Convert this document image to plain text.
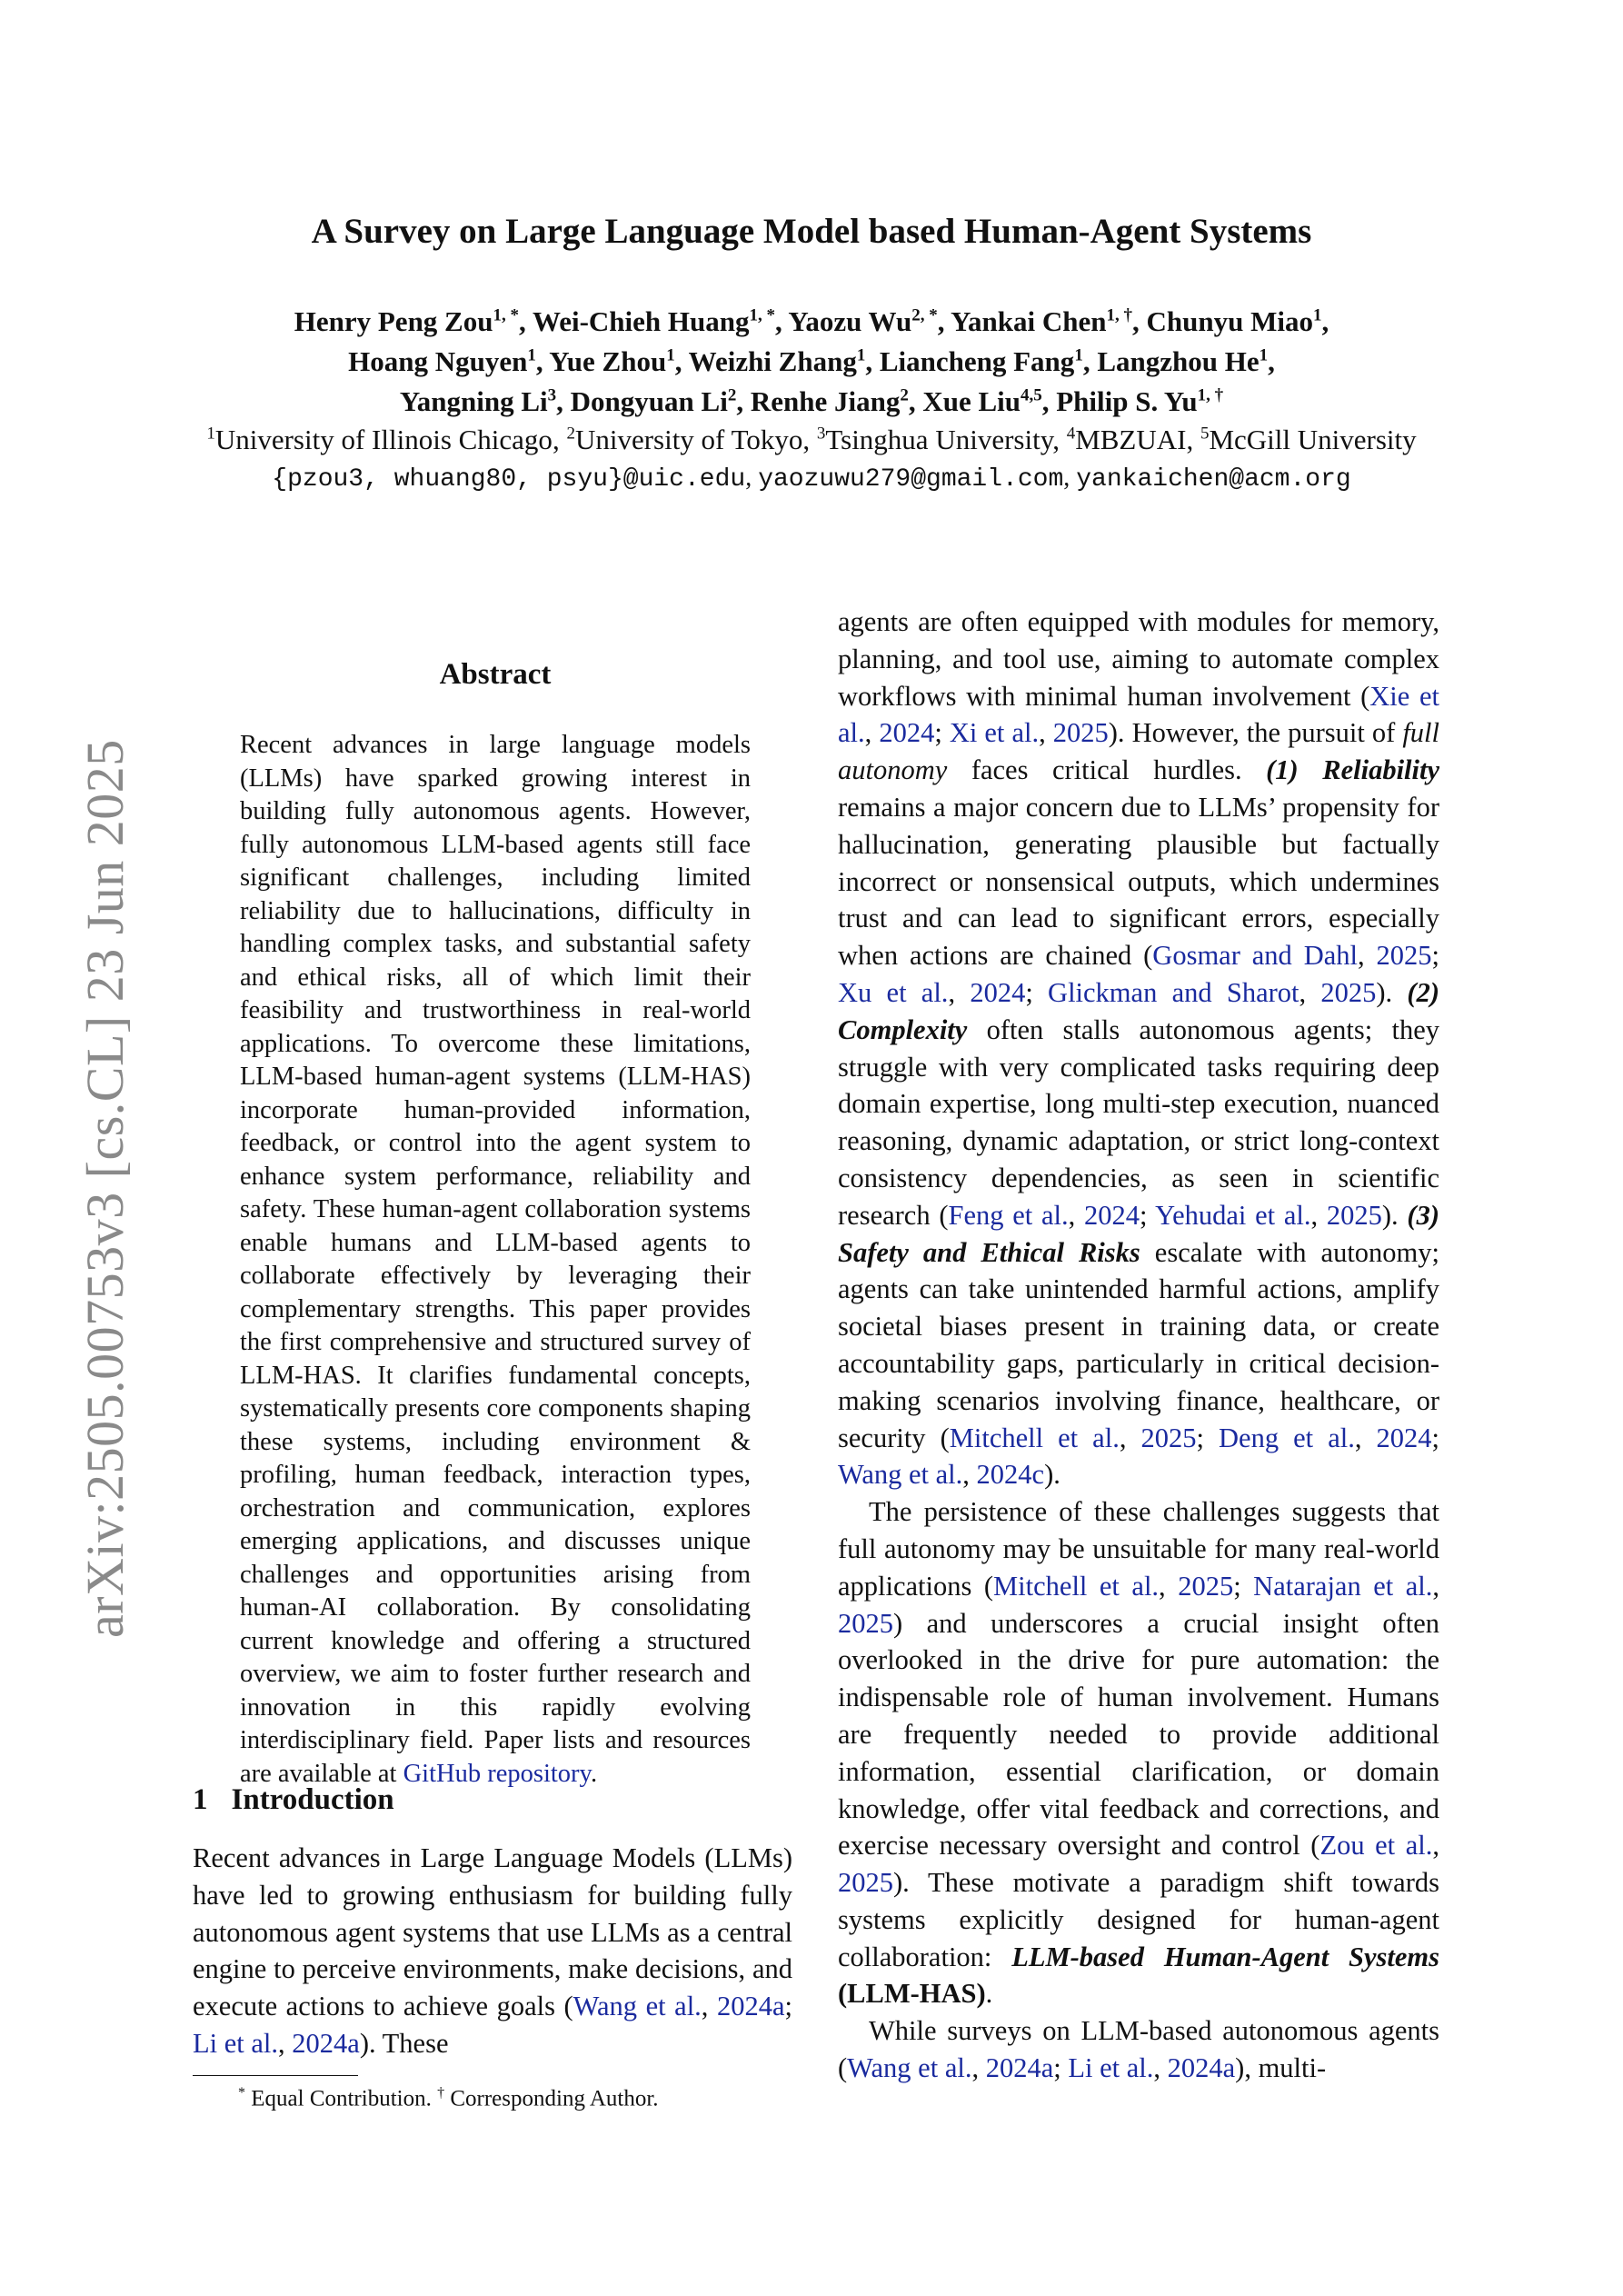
A Survey on Large Language Model based Human-Agent Systems
Henry Peng Zou$^{1, *}$, Wei-Chieh Huang$^{1, *}$, Yaozu $Wu^{2, *}$, Yankai Chen$^{1, \dagger}$, Chunyu Miao$^1$,
Hoang Nguyen$^1$, Yue Zhou$^1$, Weizhi Zhang$^1$, Liancheng Fang$^1$, Langzhou He$^1$,
Yangning Li$^3$, Dongyuan Li$^2$, Renhe Jiang$^2$, Xue Liu$^{4,5}$, Philip S. $Yu^{1, \dagger}$
$^1$University of Illinois Chicago, $^2$University of Tokyo, $^3$Tsinghua University, $^4$MBZUAI, $^5$McGill University
{pzou3, whuang80, psyu}@uic.edu, yaozuwu279@gmail.com, yankaichen@acm.org
arXiv:2505.00753v3 [cs.CL] 23 Jun 2025
Abstract

Recent advances in large language models (LLMs) have sparked growing interest in building fully autonomous agents. However, fully autonomous LLM-based agents still face significant challenges, including limited reliability due to hallucinations, difficulty in handling complex tasks, and substantial safety and ethical risks, all of which limit their feasibility and trustworthiness in real-world applications. To overcome these limitations, LLM-based human-agent systems (LLM-HAS) incorporate human-provided information, feedback, or control into the agent system to enhance system performance, reliability and safety. These human-agent collaboration systems enable humans and LLM-based agents to collaborate effectively by leveraging their complementary strengths. This paper provides the first comprehensive and structured survey of LLM-HAS. It clarifies fundamental concepts, systematically presents core components shaping these systems, including environment & profiling, human feedback, interaction types, orchestration and communication, explores emerging applications, and discusses unique challenges and opportunities arising from human-AI collaboration. By consolidating current knowledge and offering a structured overview, we aim to foster further research and innovation in this rapidly evolving interdisciplinary field. Paper lists and resources are available at GitHub repository.

1 Introduction

Recent advances in Large Language Models (LLMs) have led to growing enthusiasm for building fully autonomous agent systems that use LLMs as a central engine to perceive environments, make decisions, and execute actions to achieve goals (Wang et al., 2024a; Li et al., 2024a). These

* Equal Contribution. † Corresponding Author.

agents are often equipped with modules for memory, planning, and tool use, aiming to automate complex workflows with minimal human involvement (Xie et al., 2024; Xi et al., 2025). However, the pursuit of full autonomy faces critical hurdles. (1) Reliability remains a major concern due to LLMs’ propensity for hallucination, generating plausible but factually incorrect or nonsensical outputs, which undermines trust and can lead to significant errors, especially when actions are chained (Gosmar and Dahl, 2025; Xu et al., 2024; Glickman and Sharot, 2025). (2) Complexity often stalls autonomous agents; they struggle with very complicated tasks requiring deep domain expertise, long multi-step execution, nuanced reasoning, dynamic adaptation, or strict long-context consistency dependencies, as seen in scientific research (Feng et al., 2024; Yehudai et al., 2025). (3) Safety and Ethical Risks escalate with autonomy; agents can take unintended harmful actions, amplify societal biases present in training data, or create accountability gaps, particularly in critical decision-making scenarios involving finance, healthcare, or security (Mitchell et al., 2025; Deng et al., 2024; Wang et al., 2024c).

The persistence of these challenges suggests that full autonomy may be unsuitable for many real-world applications (Mitchell et al., 2025; Natarajan et al., 2025) and underscores a crucial insight often overlooked in the drive for pure automation: the indispensable role of human involvement. Humans are frequently needed to provide additional information, essential clarification, or domain knowledge, offer vital feedback and corrections, and exercise necessary oversight and control (Zou et al., 2025). These motivate a paradigm shift towards systems explicitly designed for human-agent collaboration: LLM-based Human-Agent Systems (LLM-HAS).

While surveys on LLM-based autonomous agents (Wang et al., 2024a; Li et al., 2024a), multi-
